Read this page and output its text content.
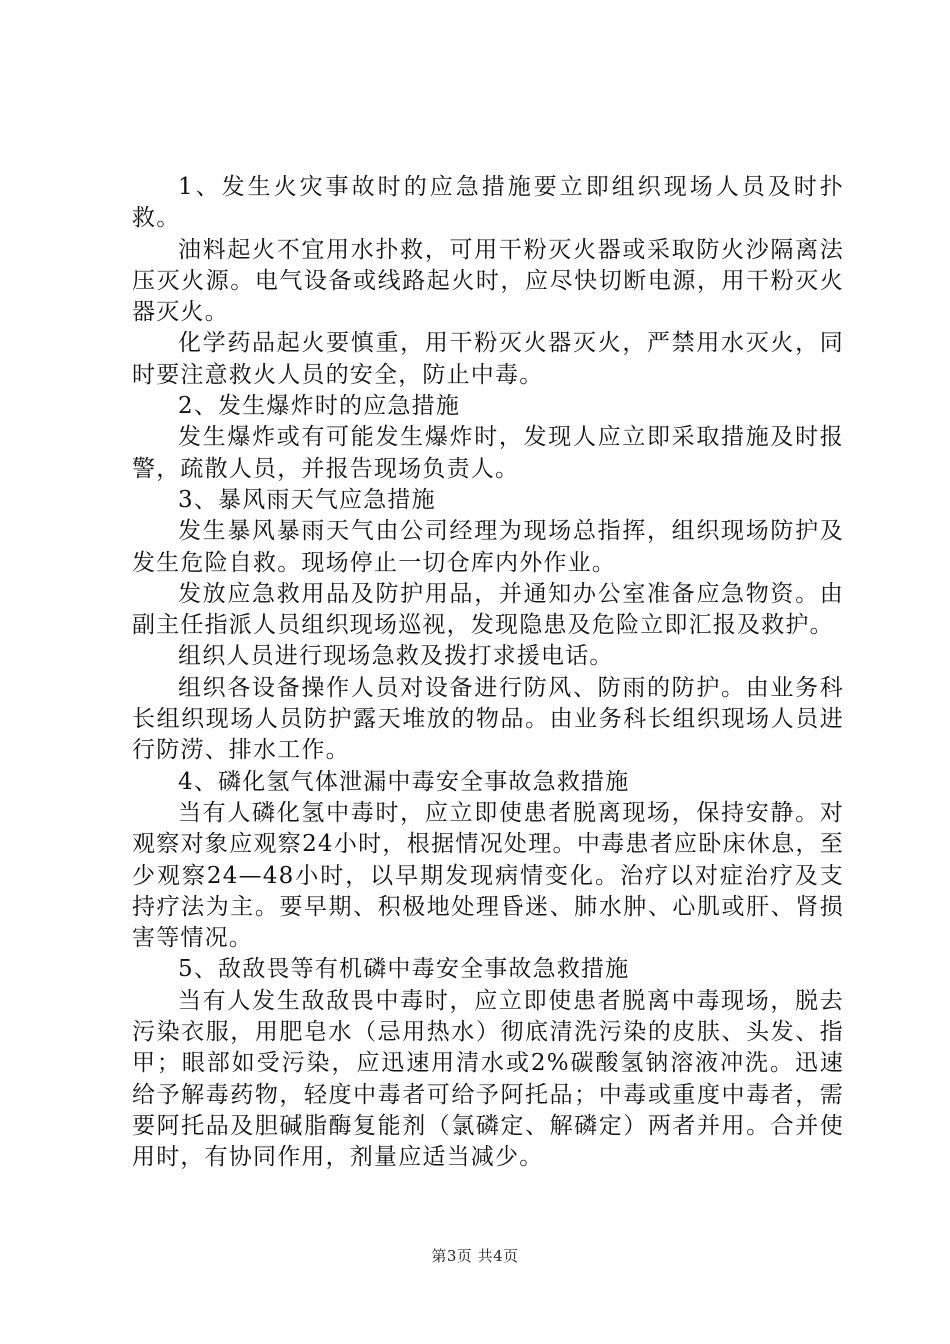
1、发生火灾事故时的应急措施要立即组织现场人员及时扑救。

油料起火不宜用水扑救，可用干粉灭火器或采取防火沙隔离法压灭火源。电气设备或线路起火时，应尽快切断电源，用干粉灭火器灭火。

化学药品起火要慎重，用干粉灭火器灭火，严禁用水灭火，同时要注意救火人员的安全，防止中毒。

2、发生爆炸时的应急措施

发生爆炸或有可能发生爆炸时，发现人应立即采取措施及时报警，疏散人员，并报告现场负责人。

3、暴风雨天气应急措施

发生暴风暴雨天气由公司经理为现场总指挥，组织现场防护及发生危险自救。现场停止一切仓库内外作业。

发放应急救用品及防护用品，并通知办公室准备应急物资。由副主任指派人员组织现场巡视，发现隐患及危险立即汇报及救护。

组织人员进行现场急救及拨打求援电话。

组织各设备操作人员对设备进行防风、防雨的防护。由业务科长组织现场人员防护露天堆放的物品。由业务科长组织现场人员进行防涝、排水工作。

4、磷化氢气体泄漏中毒安全事故急救措施

当有人磷化氢中毒时，应立即使患者脱离现场，保持安静。对观察对象应观察24小时，根据情况处理。中毒患者应卧床休息，至少观察24—48小时，以早期发现病情变化。治疗以对症治疗及支持疗法为主。要早期、积极地处理昏迷、肺水肿、心肌或肝、肾损害等情况。

5、敌敌畏等有机磷中毒安全事故急救措施

当有人发生敌敌畏中毒时，应立即使患者脱离中毒现场，脱去污染衣服，用肥皂水（忌用热水）彻底清洗污染的皮肤、头发、指甲；眼部如受污染，应迅速用清水或2%碳酸氢钠溶液冲洗。迅速给予解毒药物，轻度中毒者可给予阿托品；中毒或重度中毒者，需要阿托品及胆碱脂酶复能剂（氯磷定、解磷定）两者并用。合并使用时，有协同作用，剂量应适当减少。

第3页 共4页
